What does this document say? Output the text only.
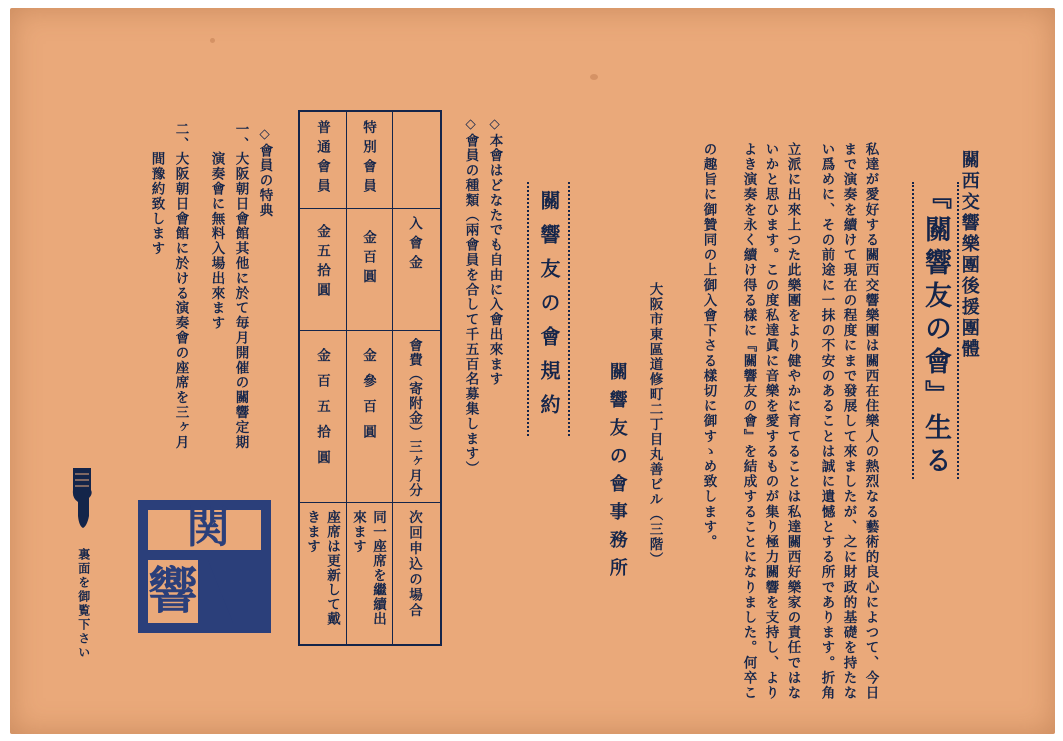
關西交響樂團後援團體
『關響友の會』生る
私達が愛好する關西交響樂團は關西在住樂人の熱烈なる藝術的良心によつて、今日
まで演奏を續けて現在の程度にまで發展して來ましたが、之に財政的基礎を持たな
い爲めに、その前途に一抹の不安のあることは誠に遺憾とする所であります。折角
立派に出來上つた此樂團をより健やかに育てることは私達關西好樂家の責任ではな
いかと思ひます。この度私達眞に音樂を愛するものが集り極力關響を支持し、より
よき演奏を永く續け得る樣に『關響友の會』を結成することになりました。何卒こ
の趣旨に御贊同の上御入會下さる樣切に御すゝめ致します。
大阪市東區道修町二丁目丸善ビル（三階）
關響友の會事務所
關響友の會規約
◇本會はどなたでも自由に入會出來ます
◇會員の種類（兩會員を合して千五百名募集します）
入會金
會費（寄附金）三ヶ月分
次回申込の場合
特別會員
金百圓
金參百圓
同一座席を繼續出來ます
普通會員
金五拾圓
金百五拾圓
座席は更新して戴きます
◇會員の特典
一、大阪朝日會館其他に於て毎月開催の關響定期
　　演奏會に無料入場出來ます
二、大阪朝日會館に於ける演奏會の座席を三ヶ月
　　間豫約致します
関
響
裏面を御覧下さい
